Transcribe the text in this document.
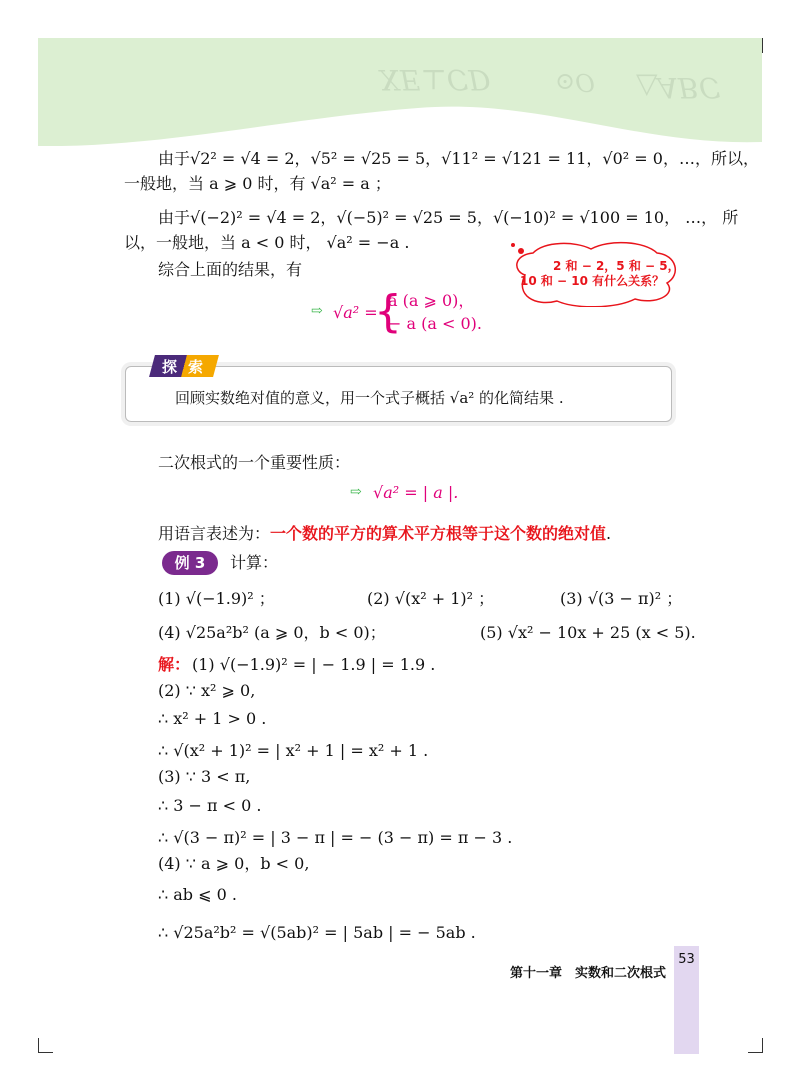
XE⊥CD	⊙O △ABC
由于√2² = √4 = 2，√5² = √25 = 5，√11² = √121 = 11，√0² = 0，…，所以，
一般地，当 a ⩾ 0 时，有 √a² = a ；
由于√(−2)² = √4 = 2，√(−5)² = √25 = 5，√(−10)² = √100 = 10， …， 所
以，一般地，当 a < 0 时， √a² = −a .
综合上面的结果，有	2 和 − 2，5 和 − 5，
10 和 − 10 有什么关系？
⇨ √a² =
{
a (a ⩾ 0)，
− a (a < 0).
探 索
回顾实数绝对值的意义，用一个式子概括 √a² 的化简结果 .
二次根式的一个重要性质：
⇨ √a² = | a |.
用语言表述为：一个数的平方的算术平方根等于这个数的绝对值.
例 3	计算：
(1) √(−1.9)² ；	(2) √(x² + 1)² ；	(3) √(3 − π)² ；
(4) √25a²b² (a ⩾ 0，b < 0)；	(5) √x² − 10x + 25 (x < 5).
解： (1) √(−1.9)² = | − 1.9 | = 1.9 .
(2) ∵ x² ⩾ 0,
∴ x² + 1 > 0 .
∴ √(x² + 1)² = | x² + 1 | = x² + 1 .
(3) ∵ 3 < π,
∴ 3 − π < 0 .
∴ √(3 − π)² = | 3 − π | = − (3 − π) = π − 3 .
(4) ∵ a ⩾ 0，b < 0,
∴ ab ⩽ 0 .
∴ √25a²b² = √(5ab)² = | 5ab | = − 5ab .
第十一章　实数和二次根式
53
